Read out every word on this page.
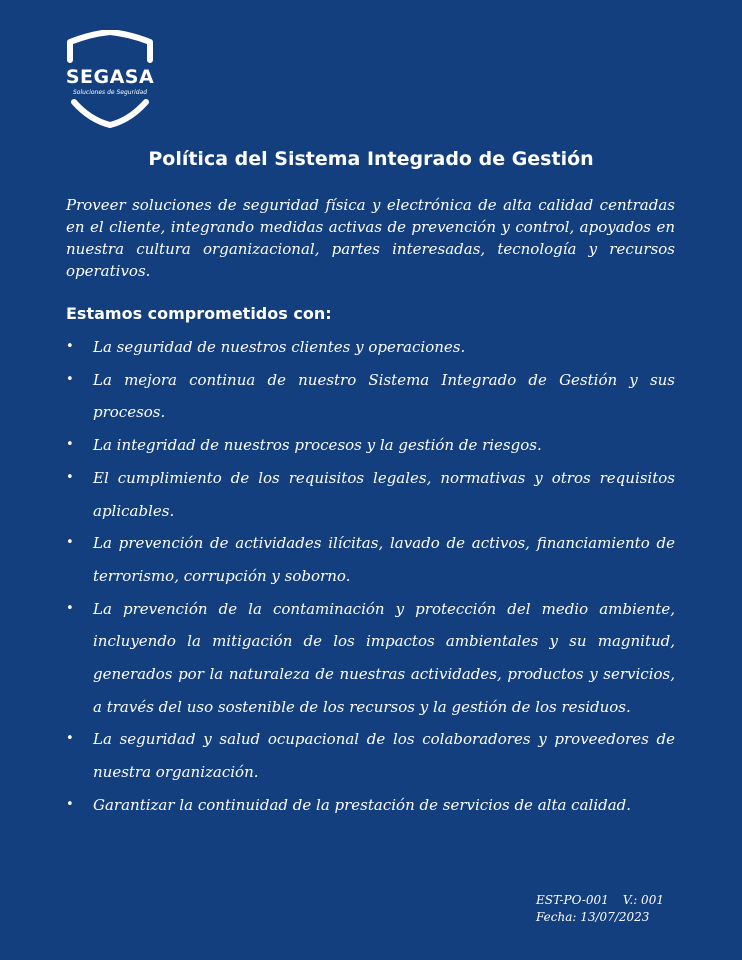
SEGASA
Soluciones de Seguridad
Política del Sistema Integrado de Gestión
Proveer soluciones de seguridad física y electrónica de alta calidad centradas en el cliente, integrando medidas activas de prevención y control, apoyados en nuestra cultura organizacional, partes interesadas, tecnología y recursos operativos.
Estamos comprometidos con:
• La seguridad de nuestros clientes y operaciones.
• La mejora continua de nuestro Sistema Integrado de Gestión y sus procesos.
• La integridad de nuestros procesos y la gestión de riesgos.
• El cumplimiento de los requisitos legales, normativas y otros requisitos aplicables.
• La prevención de actividades ilícitas, lavado de activos, financiamiento de terrorismo, corrupción y soborno.
• La prevención de la contaminación y protección del medio ambiente, incluyendo la mitigación de los impactos ambientales y su magnitud, generados por la naturaleza de nuestras actividades, productos y servicios, a través del uso sostenible de los recursos y la gestión de los residuos.
• La seguridad y salud ocupacional de los colaboradores y proveedores de nuestra organización.
• Garantizar la continuidad de la prestación de servicios de alta calidad.
EST-PO-001 V.: 001
Fecha: 13/07/2023
